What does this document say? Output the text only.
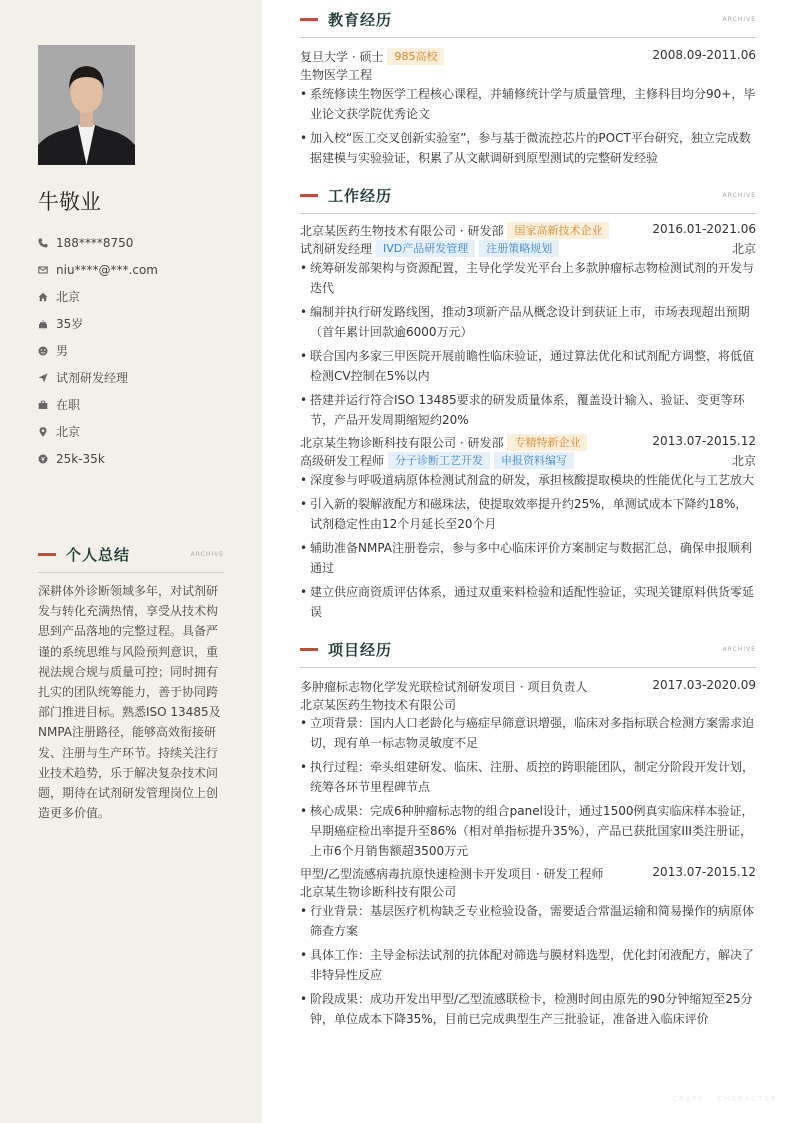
牛敬业
188****8750
niu****@***.com
北京
35岁
男
试剂研发经理
在职
北京
25k-35k
个人总结	ARCHIVE
深耕体外诊断领域多年，对试剂研发与转化充满热情，享受从技术构思到产品落地的完整过程。具备严谨的系统思维与风险预判意识，重视法规合规与质量可控；同时拥有扎实的团队统筹能力，善于协同跨部门推进目标。熟悉ISO 13485及NMPA注册路径，能够高效衔接研发、注册与生产环节。持续关注行业技术趋势，乐于解决复杂技术问题，期待在试剂研发管理岗位上创造更多价值。
教育经历	ARCHIVE
复旦大学 · 硕士 985高校	2008.09-2011.06
生物医学工程
• 系统修读生物医学工程核心课程，并辅修统计学与质量管理，主修科目均分90+，毕业论文获学院优秀论文
• 加入校“医工交叉创新实验室”，参与基于微流控芯片的POCT平台研究，独立完成数据建模与实验验证，积累了从文献调研到原型测试的完整研发经验
工作经历	ARCHIVE
北京某医药生物技术有限公司 · 研发部 国家高新技术企业	2016.01-2021.06
试剂研发经理 IVD产品研发管理 注册策略规划	北京
• 统筹研发部架构与资源配置，主导化学发光平台上多款肿瘤标志物检测试剂的开发与迭代
• 编制并执行研发路线图，推动3项新产品从概念设计到获证上市，市场表现超出预期（首年累计回款逾6000万元）
• 联合国内多家三甲医院开展前瞻性临床验证，通过算法优化和试剂配方调整，将低值检测CV控制在5%以内
• 搭建并运行符合ISO 13485要求的研发质量体系，覆盖设计输入、验证、变更等环节，产品开发周期缩短约20%
北京某生物诊断科技有限公司 · 研发部 专精特新企业	2013.07-2015.12
高级研发工程师 分子诊断工艺开发 申报资料编写	北京
• 深度参与呼吸道病原体检测试剂盒的研发，承担核酸提取模块的性能优化与工艺放大
• 引入新的裂解液配方和磁珠法，使提取效率提升约25%，单测试成本下降约18%，试剂稳定性由12个月延长至20个月
• 辅助准备NMPA注册卷宗，参与多中心临床评价方案制定与数据汇总，确保申报顺利通过
• 建立供应商资质评估体系，通过双重来料检验和适配性验证，实现关键原料供货零延误
项目经历	ARCHIVE
多肿瘤标志物化学发光联检试剂研发项目 · 项目负责人	2017.03-2020.09
北京某医药生物技术有限公司
• 立项背景：国内人口老龄化与癌症早筛意识增强，临床对多指标联合检测方案需求迫切，现有单一标志物灵敏度不足
• 执行过程：牵头组建研发、临床、注册、质控的跨职能团队，制定分阶段开发计划，统筹各环节里程碑节点
• 核心成果：完成6种肿瘤标志物的组合panel设计，通过1500例真实临床样本验证，早期癌症检出率提升至86%（相对单指标提升35%），产品已获批国家III类注册证，上市6个月销售额超3500万元
甲型/乙型流感病毒抗原快速检测卡开发项目 · 研发工程师	2013.07-2015.12
北京某生物诊断科技有限公司
• 行业背景：基层医疗机构缺乏专业检验设备，需要适合常温运输和简易操作的病原体筛查方案
• 具体工作：主导金标法试剂的抗体配对筛选与膜材料选型，优化封闭液配方，解决了非特异性反应
• 阶段成果：成功开发出甲型/乙型流感联检卡，检测时间由原先的90分钟缩短至25分钟，单位成本下降35%，目前已完成典型生产三批验证，准备进入临床评价
CRAFT · CHARACTER
